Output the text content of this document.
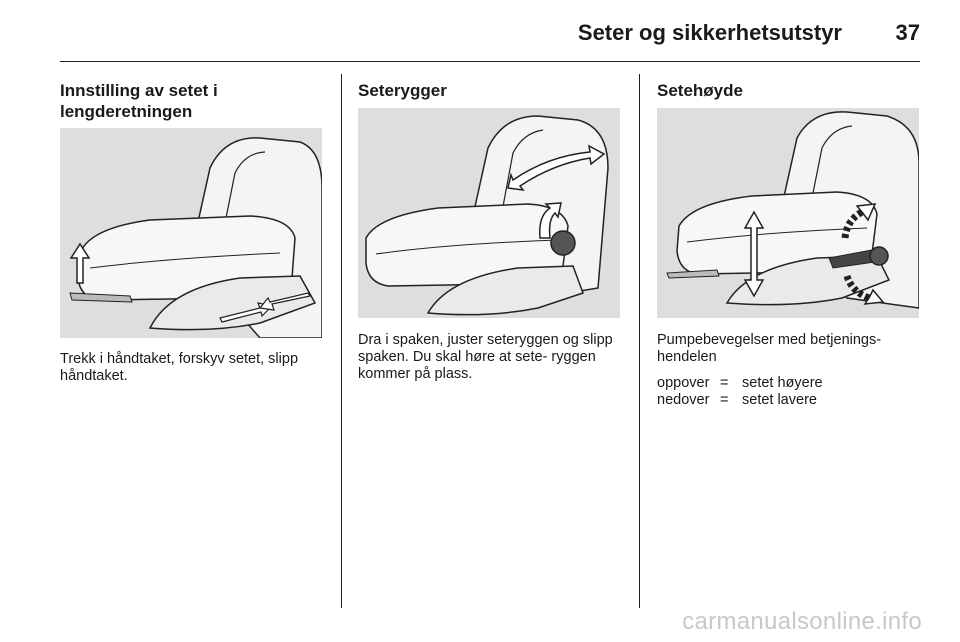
Seter og sikkerhetsutstyr 37
Innstilling av setet i lengderetningen

Trekk i håndtaket, forskyv setet, slipp håndtaket.

Seterygger

Dra i spaken, juster seteryggen og slipp spaken. Du skal høre at sete- ryggen kommer på plass.

Setehøyde

Pumpebevegelser med betjenings- hendelen

oppover = setet høyere
nedover = setet lavere
carmanualsonline.info
